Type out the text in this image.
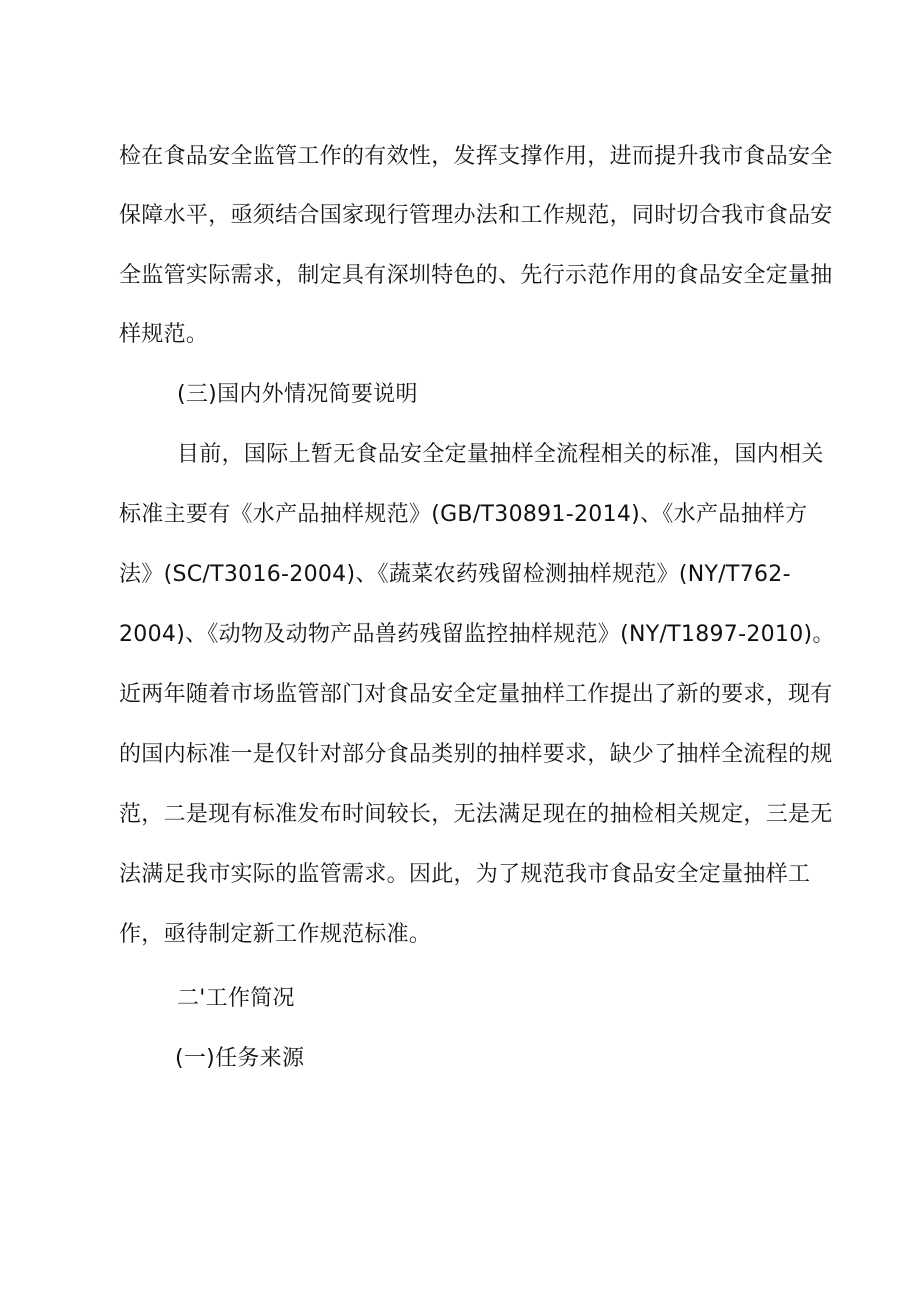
检在食品安全监管工作的有效性，发挥支撑作用，进而提升我市食品安全
保障水平，亟须结合国家现行管理办法和工作规范，同时切合我市食品安
全监管实际需求，制定具有深圳特色的、先行示范作用的食品安全定量抽
样规范。
(三)国内外情况简要说明
目前，国际上暂无食品安全定量抽样全流程相关的标准，国内相关
标准主要有《水产品抽样规范》(GB/T30891-2014)、《水产品抽样方
法》(SC/T3016-2004)、《蔬菜农药残留检测抽样规范》(NY/T762-
2004)、《动物及动物产品兽药残留监控抽样规范》(NY/T1897-2010)。
近两年随着市场监管部门对食品安全定量抽样工作提出了新的要求，现有
的国内标准一是仅针对部分食品类别的抽样要求，缺少了抽样全流程的规
范，二是现有标准发布时间较长，无法满足现在的抽检相关规定，三是无
法满足我市实际的监管需求。因此，为了规范我市食品安全定量抽样工
作，亟待制定新工作规范标准。
二'工作简况
(一)任务来源
